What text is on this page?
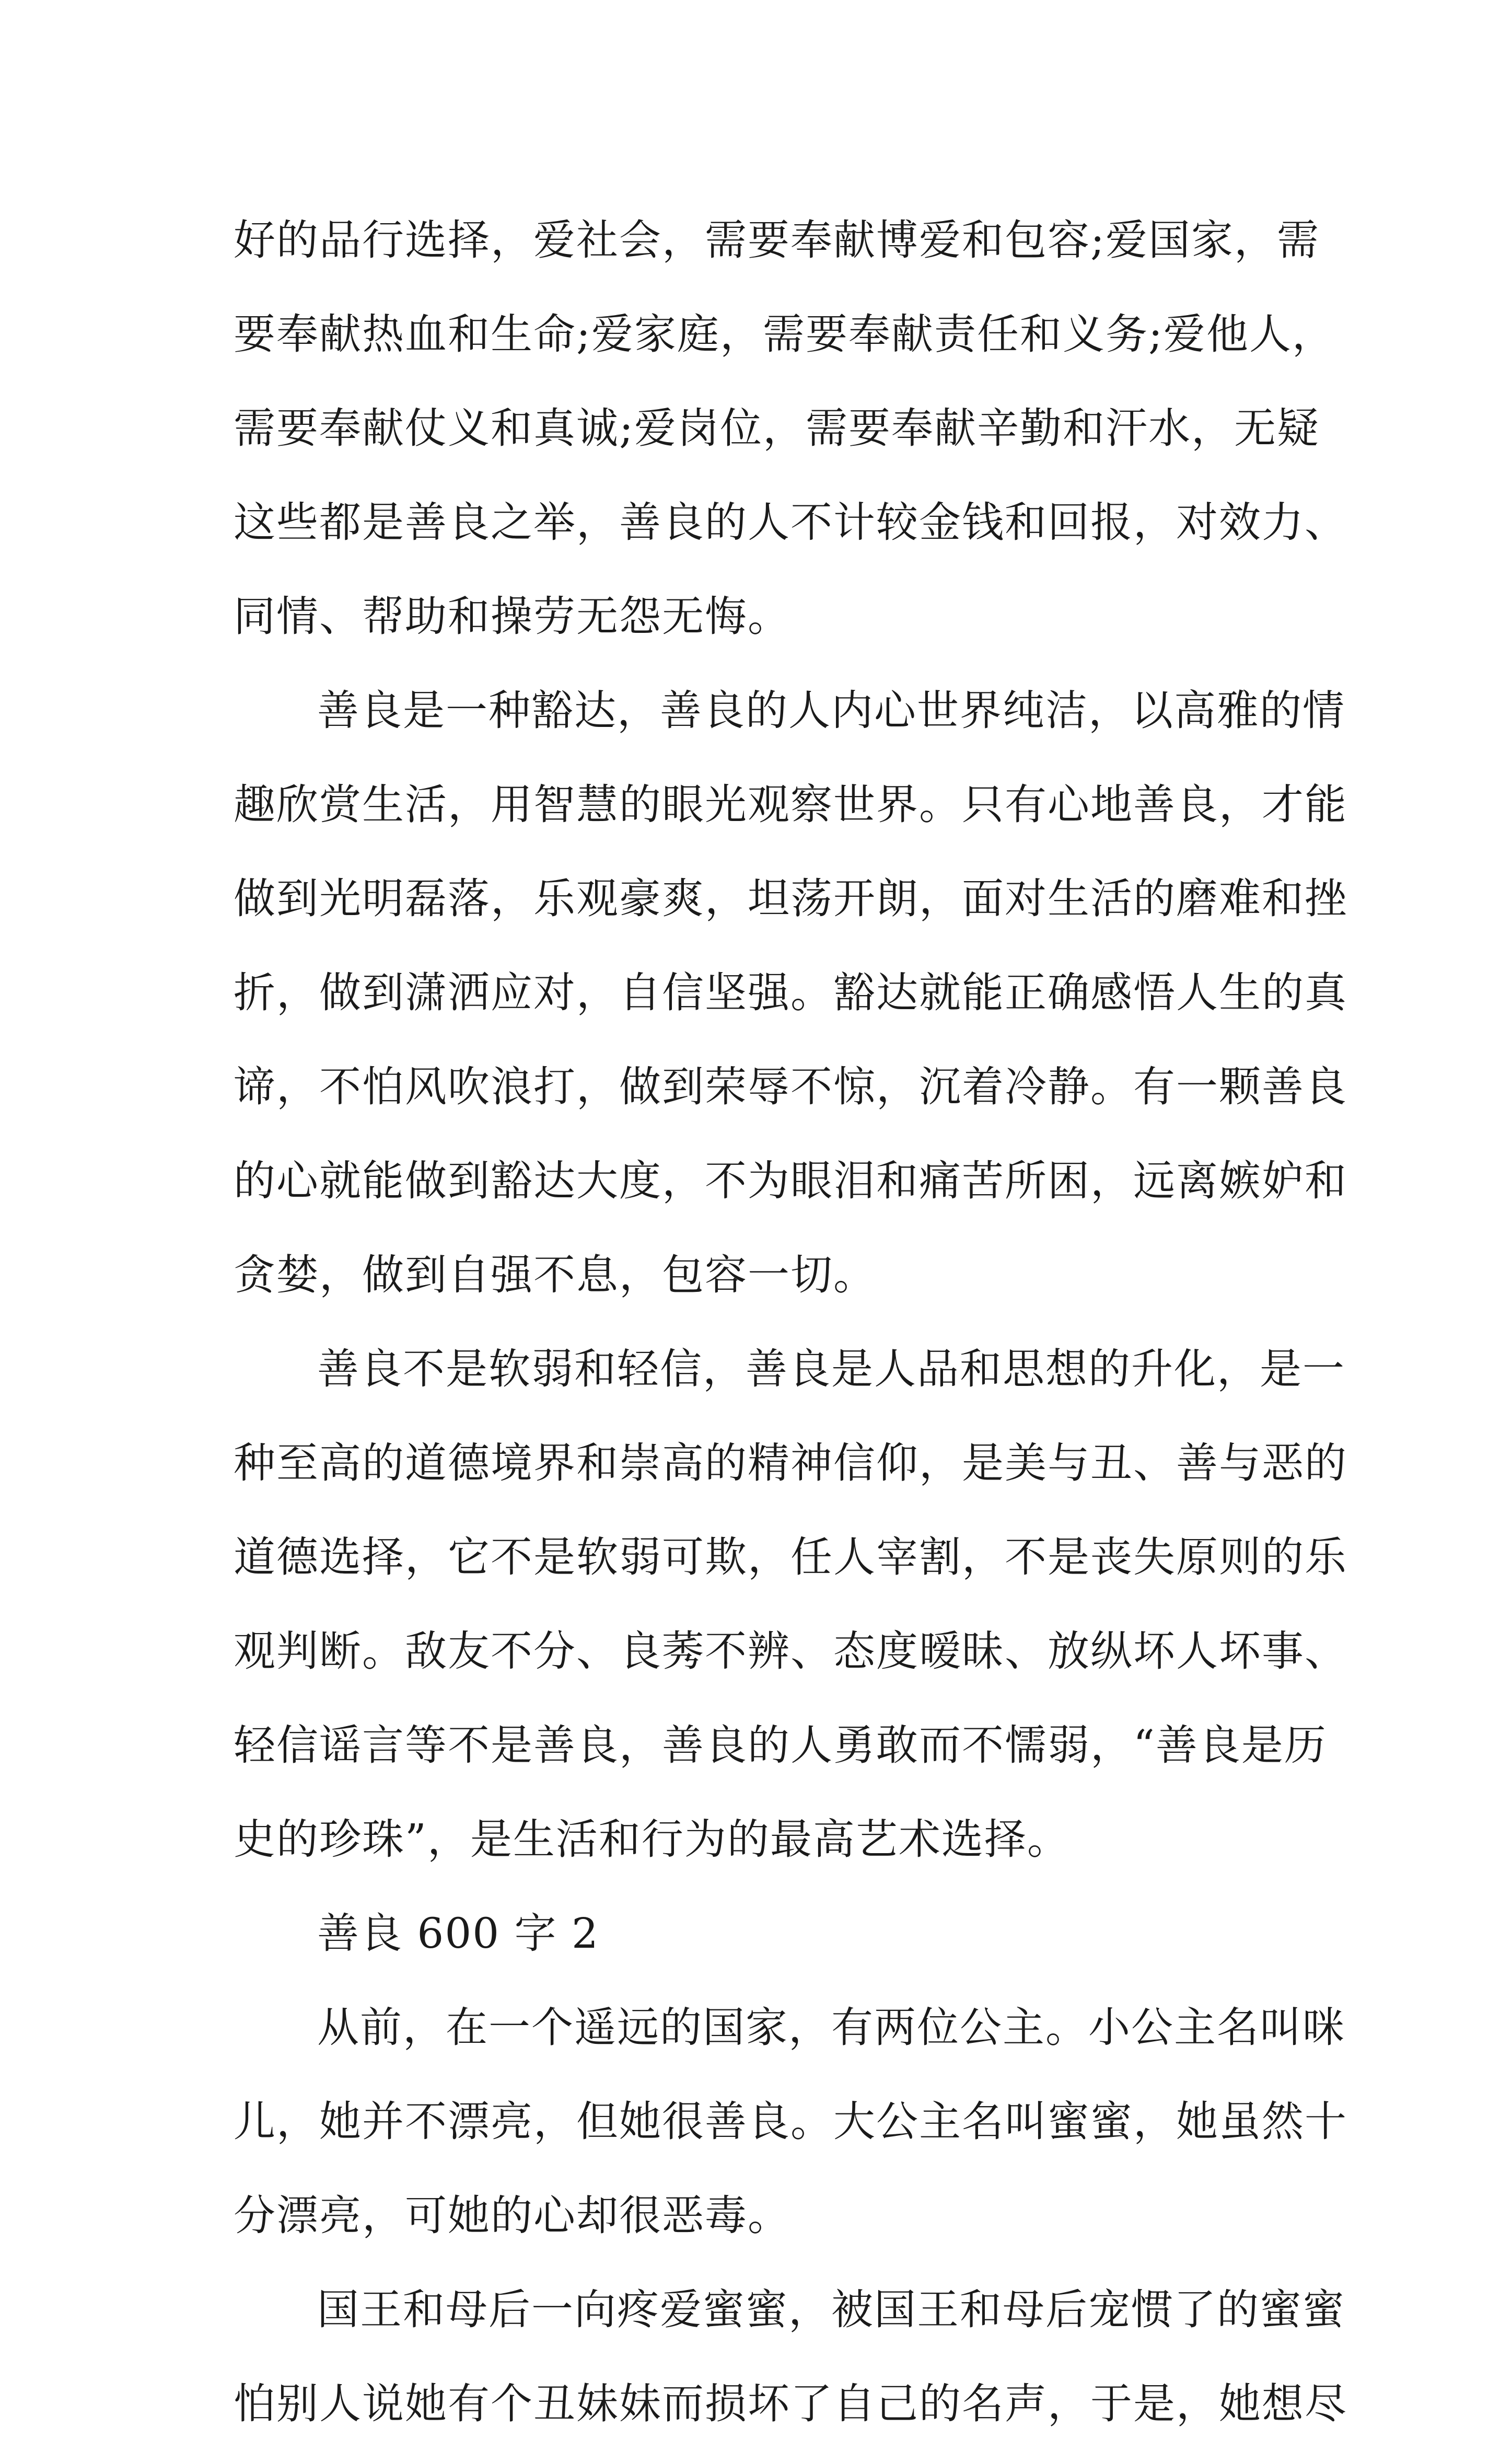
好的品行选择，爱社会，需要奉献博爱和包容;爱国家，需
要奉献热血和生命;爱家庭，需要奉献责任和义务;爱他人，
需要奉献仗义和真诚;爱岗位，需要奉献辛勤和汗水，无疑
这些都是善良之举，善良的人不计较金钱和回报，对效力、
同情、帮助和操劳无怨无悔。
善良是一种豁达，善良的人内心世界纯洁，以高雅的情
趣欣赏生活，用智慧的眼光观察世界。只有心地善良，才能
做到光明磊落，乐观豪爽，坦荡开朗，面对生活的磨难和挫
折，做到潇洒应对，自信坚强。豁达就能正确感悟人生的真
谛，不怕风吹浪打，做到荣辱不惊，沉着冷静。有一颗善良
的心就能做到豁达大度，不为眼泪和痛苦所困，远离嫉妒和
贪婪，做到自强不息，包容一切。
善良不是软弱和轻信，善良是人品和思想的升化，是一
种至高的道德境界和崇高的精神信仰，是美与丑、善与恶的
道德选择，它不是软弱可欺，任人宰割，不是丧失原则的乐
观判断。敌友不分、良莠不辨、态度暧昧、放纵坏人坏事、
轻信谣言等不是善良，善良的人勇敢而不懦弱，“善良是历
史的珍珠”，是生活和行为的最高艺术选择。
善良 600 字 2
从前，在一个遥远的国家，有两位公主。小公主名叫咪
儿，她并不漂亮，但她很善良。大公主名叫蜜蜜，她虽然十
分漂亮，可她的心却很恶毒。
国王和母后一向疼爱蜜蜜，被国王和母后宠惯了的蜜蜜
怕别人说她有个丑妹妹而损坏了自己的名声，于是，她想尽
